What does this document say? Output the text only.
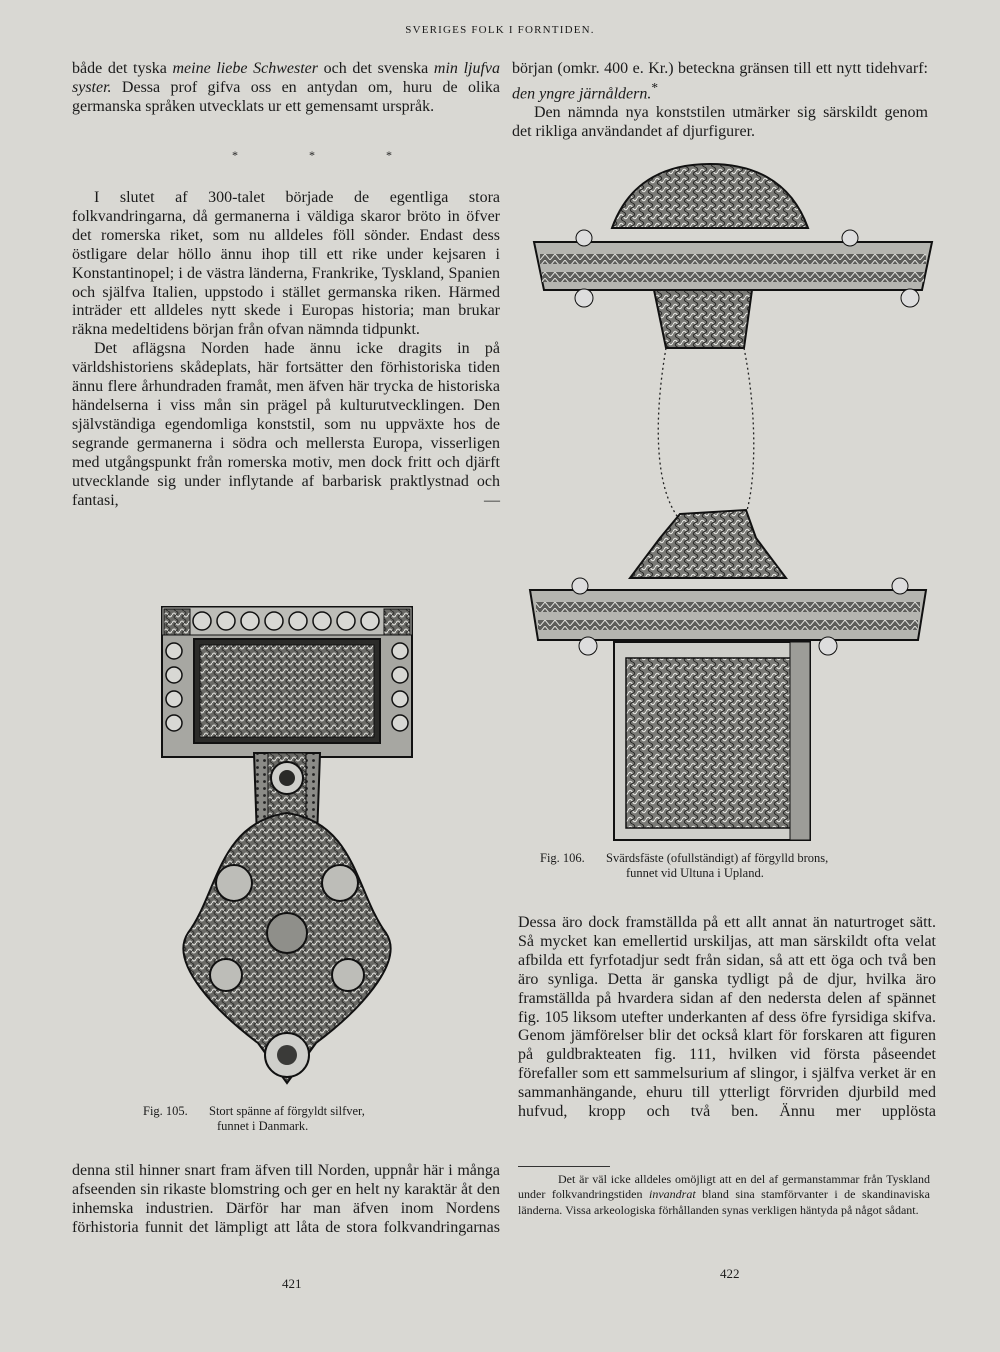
SVERIGES FOLK I FORNTIDEN.

både det tyska meine liebe Schwester och det svenska min ljufva syster. Dessa prof gifva oss en antydan om, huru de olika germanska språken utvecklats ur ett gemensamt urspråk.

* * *

I slutet af 300-talet började de egentliga stora folkvandringarna, då germanerna i väldiga skaror bröto in öfver det romerska riket, som nu alldeles föll sönder. Endast dess östligare delar höllo ännu ihop till ett rike under kejsaren i Konstantinopel; i de västra länderna, Frankrike, Tyskland, Spanien och själfva Italien, uppstodo i stället germanska riken. Härmed inträder ett alldeles nytt skede i Europas historia; man brukar räkna medeltidens början från ofvan nämnda tidpunkt.

Det aflägsna Norden hade ännu icke dragits in på världshistoriens skådeplats, här fortsätter den förhistoriska tiden ännu flere århundraden framåt, men äfven här trycka de historiska händelserna i viss mån sin prägel på kulturutvecklingen. Den självständiga egendomliga konststil, som nu uppväxte hos de segrande germanerna i södra och mellersta Europa, visserligen med utgångspunkt från romerska motiv, men dock fritt och djärft utvecklande sig under inflytande af barbarisk praktlystnad och fantasi, —

Fig. 105. Stort spänne af förgyldt silfver,
funnet i Danmark.

denna stil hinner snart fram äfven till Norden, uppnår här i många afseenden sin rikaste blomstring och ger en helt ny karaktär åt den inhemska industrien. Därför har man äfven inom Nordens förhistoria funnit det lämpligt att låta de stora folkvandringarnas

början (omkr. 400 e. Kr.) beteckna gränsen till ett nytt tidehvarf: den yngre järnåldern.*

Den nämnda nya konststilen utmärker sig särskildt genom det rikliga användandet af djurfigurer.

Fig. 106. Svärdsfäste (ofullständigt) af förgylld brons,
funnet vid Ultuna i Upland.

Dessa äro dock framställda på ett allt annat än naturtroget sätt. Så mycket kan emellertid urskiljas, att man särskildt ofta velat afbilda ett fyrfotadjur sedt från sidan, så att ett öga och två ben äro synliga. Detta är ganska tydligt på de djur, hvilka äro framställda på hvardera sidan af den nedersta delen af spännet fig. 105 liksom utefter underkanten af dess öfre fyrsidiga skifva. Genom jämförelser blir det också klart för forskaren att figuren på guldbrakteaten fig. 111, hvilken vid första påseendet förefaller som ett sammelsurium af slingor, i själfva verket är en sammanhängande, ehuru till ytterligt förvriden djurbild med hufvud, kropp och två ben. Ännu mer upplösta

Det är väl icke alldeles omöjligt att en del af germanstammar från Tyskland under folkvandringstiden invandrat bland sina stamförvanter i de skandinaviska länderna. Vissa arkeologiska förhållanden synas verkligen häntyda på något sådant.

421
422
